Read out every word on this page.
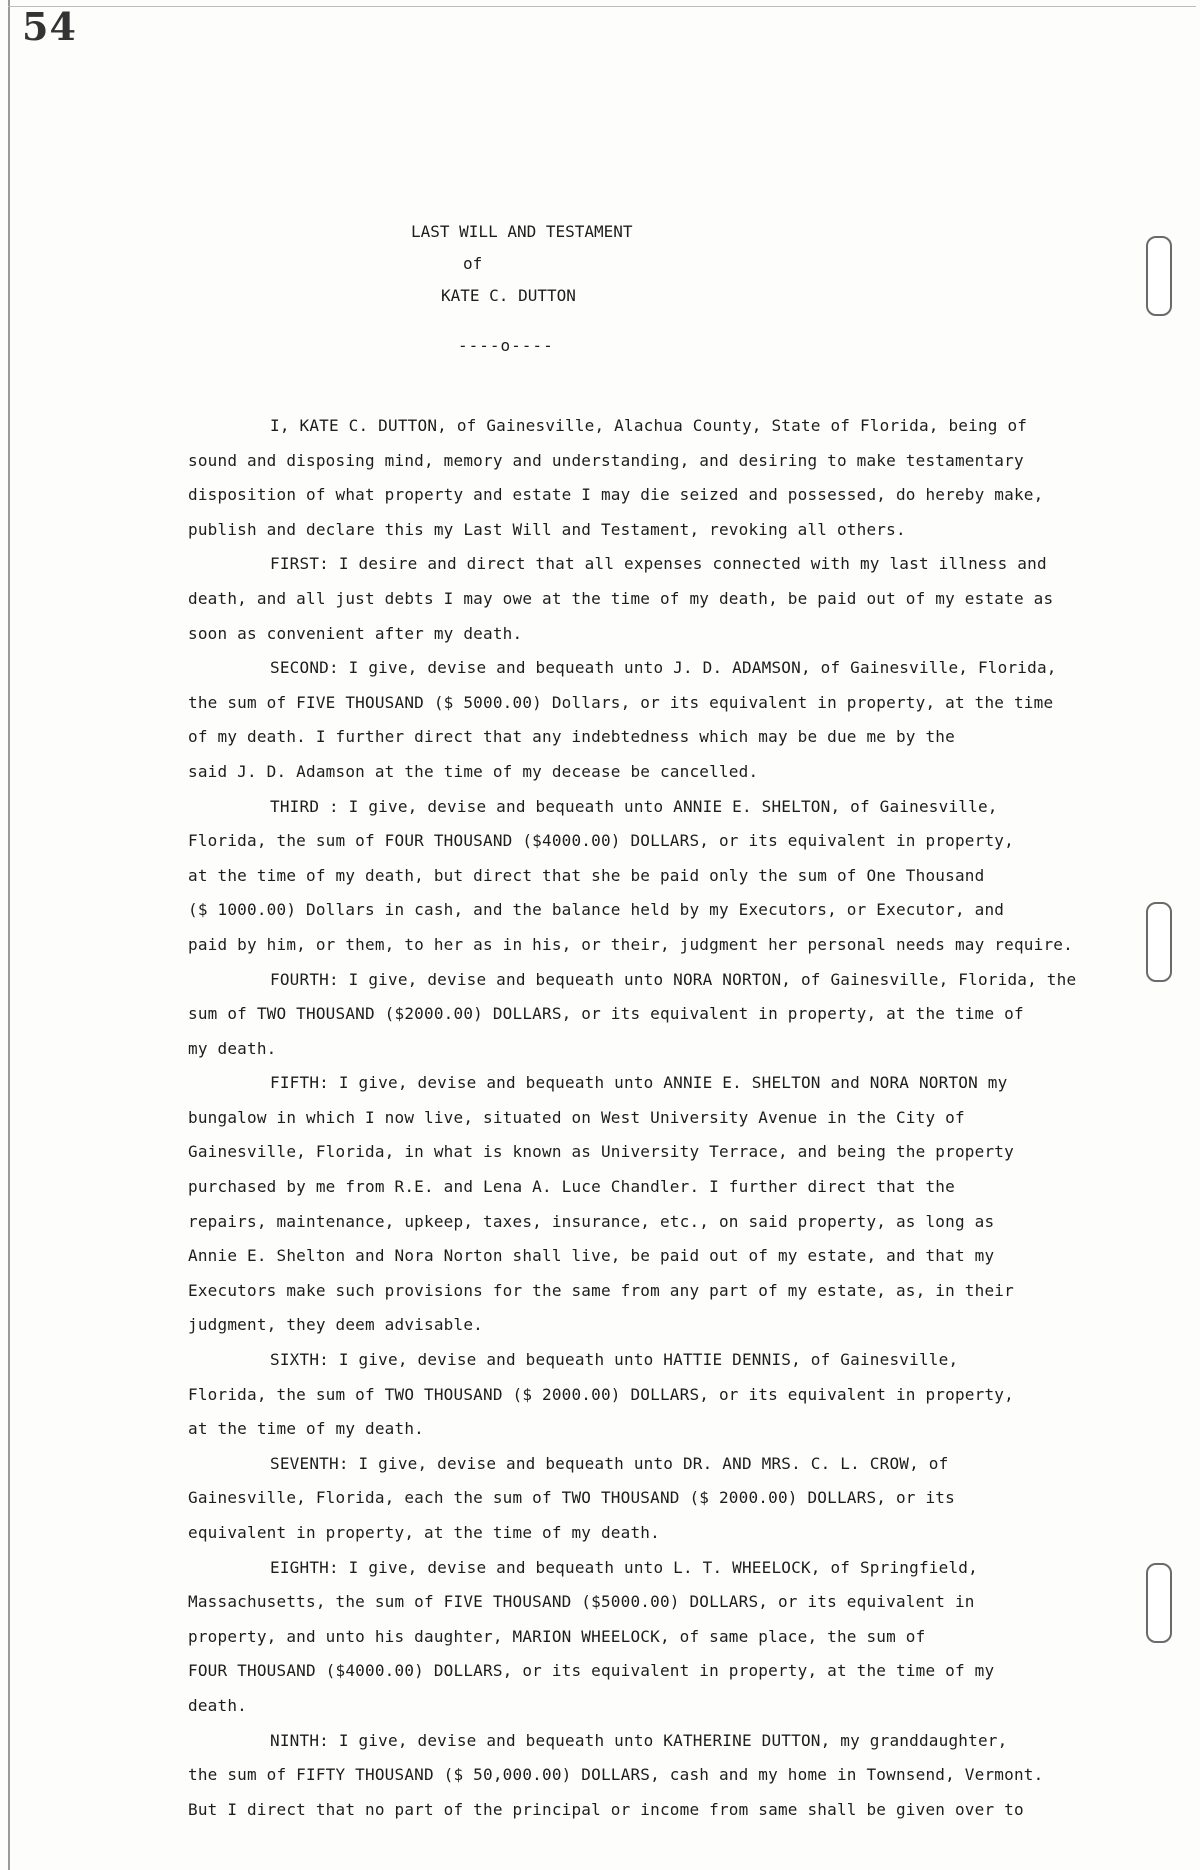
54
LAST WILL AND TESTAMENT
of
KATE C. DUTTON
----o----
I, KATE C. DUTTON, of Gainesville, Alachua County, State of Florida, being of
sound and disposing mind, memory and understanding, and desiring to make testamentary
disposition of what property and estate I may die seized and possessed, do hereby make,
publish and declare this my Last Will and Testament, revoking all others.
FIRST: I desire and direct that all expenses connected with my last illness and
death, and all just debts I may owe at the time of my death, be paid out of my estate as
soon as convenient after my death.
SECOND: I give, devise and bequeath unto J. D. ADAMSON, of Gainesville, Florida,
the sum of FIVE THOUSAND ($ 5000.00) Dollars, or its equivalent in property, at the time
of my death. I further direct that any indebtedness which may be due me by the
said J. D. Adamson at the time of my decease be cancelled.
THIRD : I give, devise and bequeath unto ANNIE E. SHELTON, of Gainesville,
Florida, the sum of FOUR THOUSAND ($4000.00) DOLLARS, or its equivalent in property,
at the time of my death, but direct that she be paid only the sum of One Thousand
($ 1000.00) Dollars in cash, and the balance held by my Executors, or Executor, and
paid by him, or them, to her as in his, or their, judgment her personal needs may require.
FOURTH: I give, devise and bequeath unto NORA NORTON, of Gainesville, Florida, the
sum of TWO THOUSAND ($2000.00) DOLLARS, or its equivalent in property, at the time of
my death.
FIFTH: I give, devise and bequeath unto ANNIE E. SHELTON and NORA NORTON my
bungalow in which I now live, situated on West University Avenue in the City of
Gainesville, Florida, in what is known as University Terrace, and being the property
purchased by me from R.E. and Lena A. Luce Chandler. I further direct that the
repairs, maintenance, upkeep, taxes, insurance, etc., on said property, as long as
Annie E. Shelton and Nora Norton shall live, be paid out of my estate, and that my
Executors make such provisions for the same from any part of my estate, as, in their
judgment, they deem advisable.
SIXTH: I give, devise and bequeath unto HATTIE DENNIS, of Gainesville,
Florida, the sum of TWO THOUSAND ($ 2000.00) DOLLARS, or its equivalent in property,
at the time of my death.
SEVENTH: I give, devise and bequeath unto DR. AND MRS. C. L. CROW, of
Gainesville, Florida, each the sum of TWO THOUSAND ($ 2000.00) DOLLARS, or its
equivalent in property, at the time of my death.
EIGHTH: I give, devise and bequeath unto L. T. WHEELOCK, of Springfield,
Massachusetts, the sum of FIVE THOUSAND ($5000.00) DOLLARS, or its equivalent in
property, and unto his daughter, MARION WHEELOCK, of same place, the sum of
FOUR THOUSAND ($4000.00) DOLLARS, or its equivalent in property, at the time of my
death.
NINTH: I give, devise and bequeath unto KATHERINE DUTTON, my granddaughter,
the sum of FIFTY THOUSAND ($ 50,000.00) DOLLARS, cash and my home in Townsend, Vermont.
But I direct that no part of the principal or income from same shall be given over to
